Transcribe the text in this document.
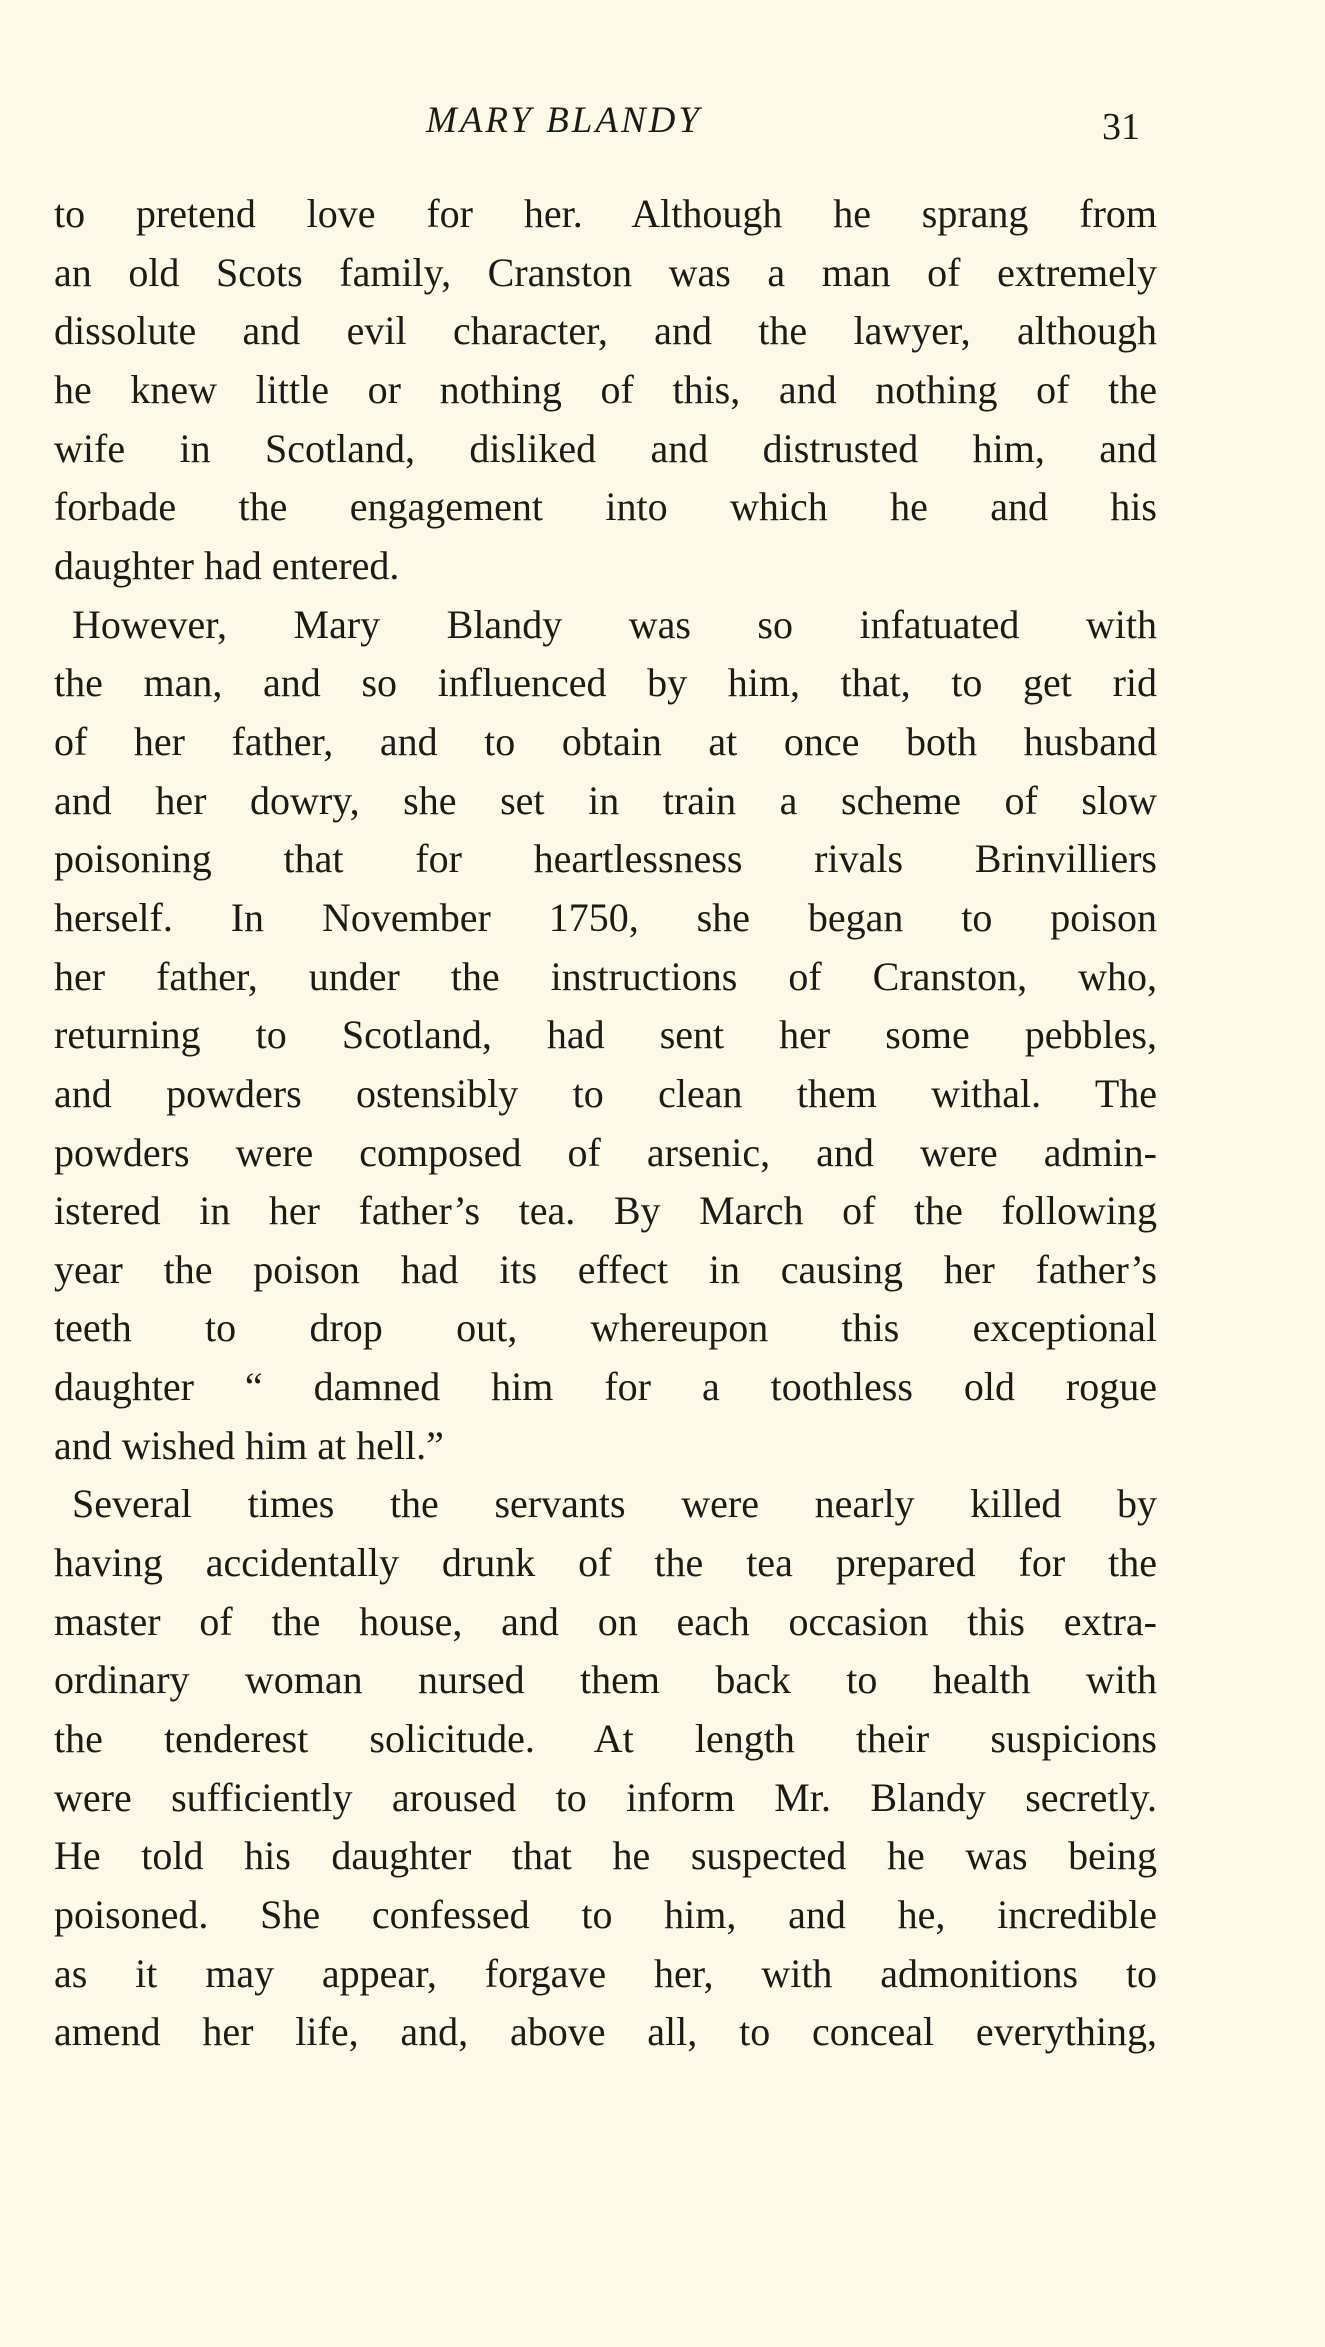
MARY BLANDY	31
to pretend love for her. Although he sprang from
an old Scots family, Cranston was a man of extremely
dissolute and evil character, and the lawyer, although
he knew little or nothing of this, and nothing of the
wife in Scotland, disliked and distrusted him, and
forbade the engagement into which he and his
daughter had entered.
However, Mary Blandy was so infatuated with
the man, and so influenced by him, that, to get rid
of her father, and to obtain at once both husband
and her dowry, she set in train a scheme of slow
poisoning that for heartlessness rivals Brinvilliers
herself. In November 1750, she began to poison
her father, under the instructions of Cranston, who,
returning to Scotland, had sent her some pebbles,
and powders ostensibly to clean them withal. The
powders were composed of arsenic, and were admin-
istered in her father’s tea. By March of the following
year the poison had its effect in causing her father’s
teeth to drop out, whereupon this exceptional
daughter “ damned him for a toothless old rogue
and wished him at hell.”
Several times the servants were nearly killed by
having accidentally drunk of the tea prepared for the
master of the house, and on each occasion this extra-
ordinary woman nursed them back to health with
the tenderest solicitude. At length their suspicions
were sufficiently aroused to inform Mr. Blandy secretly.
He told his daughter that he suspected he was being
poisoned. She confessed to him, and he, incredible
as it may appear, forgave her, with admonitions to
amend her life, and, above all, to conceal everything,
